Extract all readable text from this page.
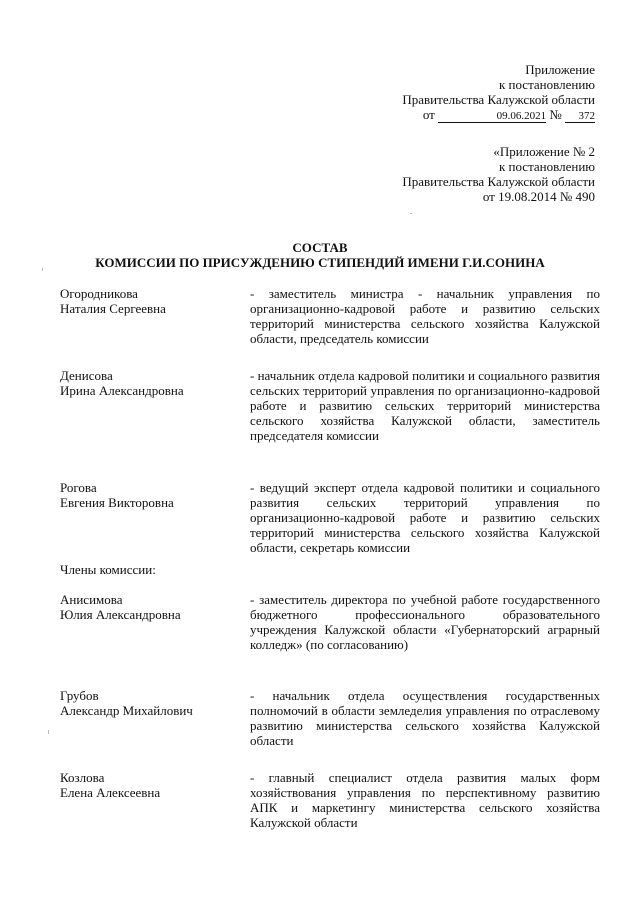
Приложение
к постановлению
Правительства Калужской области
от	09.06.2021 № 372
«Приложение № 2
к постановлению
Правительства Калужской области
от 19.08.2014 № 490
СОСТАВ
КОМИССИИ ПО ПРИСУЖДЕНИЮ СТИПЕНДИЙ ИМЕНИ Г.И.СОНИНА
Огородникова
Наталия Сергеевна
- заместитель министра - начальник управления по организационно-кадровой работе и развитию сельских территорий министерства сельского хозяйства Калужской области, председатель комиссии
Денисова
Ирина Александровна
- начальник отдела кадровой политики и социального развития сельских территорий управления по организационно-кадровой работе и развитию сельских территорий министерства сельского хозяйства Калужской области, заместитель председателя комиссии
Рогова
Евгения Викторовна
- ведущий эксперт отдела кадровой политики и социального развития сельских территорий управления по организационно-кадровой работе и развитию сельских территорий министерства сельского хозяйства Калужской области, секретарь комиссии
Члены комиссии:
Анисимова
Юлия Александровна
- заместитель директора по учебной работе государственного бюджетного профессионального образовательного учреждения Калужской области «Губернаторский аграрный колледж» (по согласованию)
Грубов
Александр Михайлович
- начальник отдела осуществления государственных полномочий в области земледелия управления по отраслевому развитию министерства сельского хозяйства Калужской области
Козлова
Елена Алексеевна
- главный специалист отдела развития малых форм хозяйствования управления по перспективному развитию АПК и маркетингу министерства сельского хозяйства Калужской области
